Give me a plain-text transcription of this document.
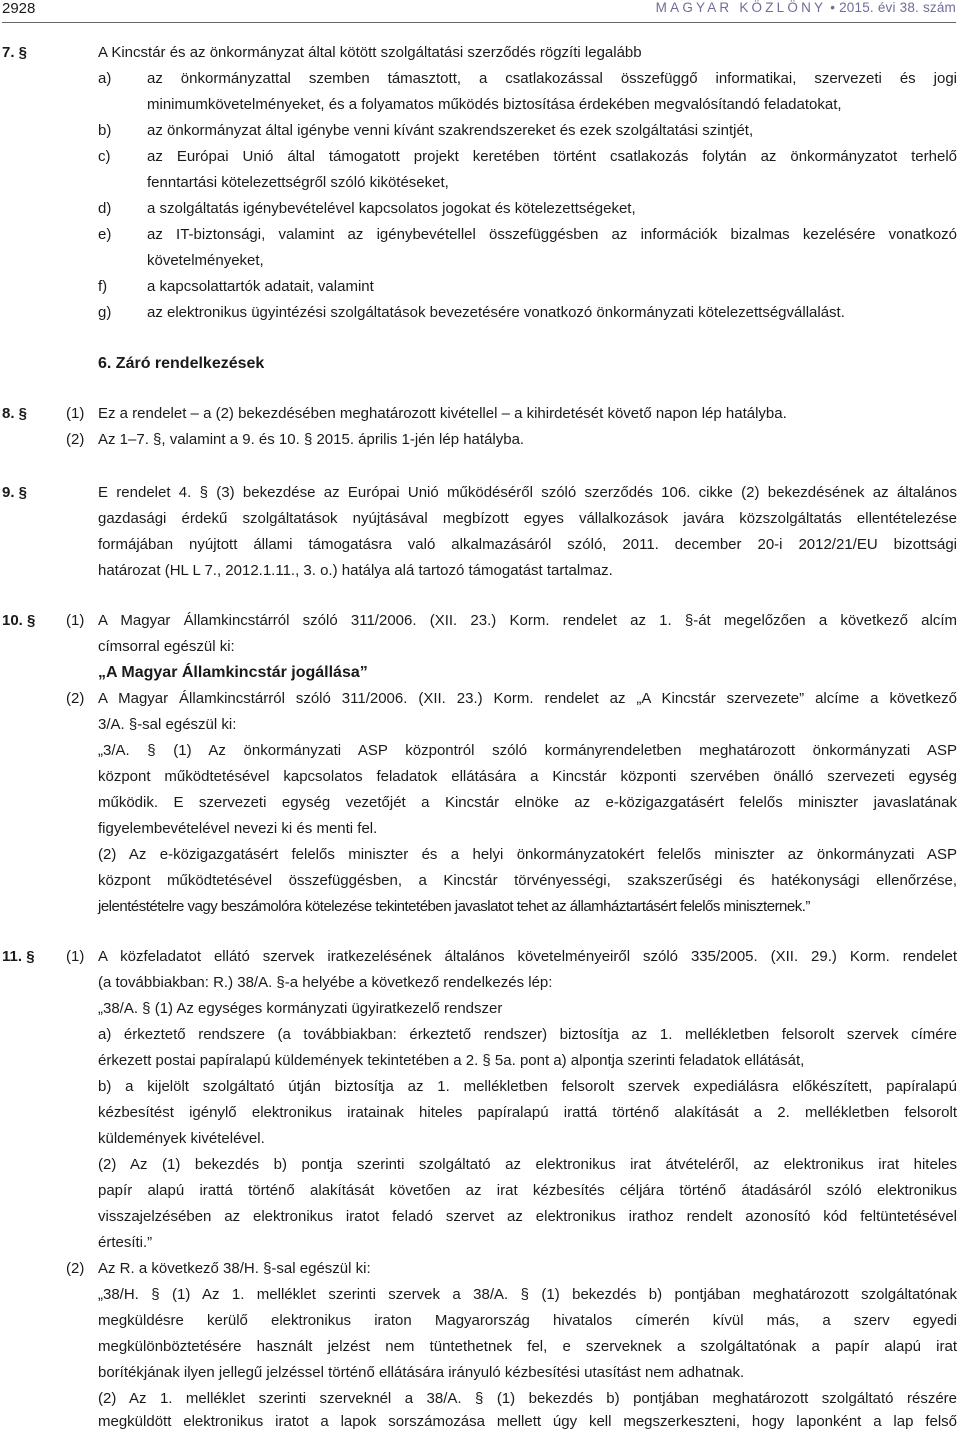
2928	MAGYAR KÖZLÖNY • 2015. évi 38. szám
7. §	A Kincstár és az önkormányzat által kötött szolgáltatási szerződés rögzíti legalább
a) az önkormányzattal szemben támasztott, a csatlakozással összefüggő informatikai, szervezeti és jogi
minimumkövetelményeket, és a folyamatos működés biztosítása érdekében megvalósítandó feladatokat,
b) az önkormányzat által igénybe venni kívánt szakrendszereket és ezek szolgáltatási szintjét,
c) az Európai Unió által támogatott projekt keretében történt csatlakozás folytán az önkormányzatot terhelő
fenntartási kötelezettségről szóló kikötéseket,
d) a szolgáltatás igénybevételével kapcsolatos jogokat és kötelezettségeket,
e) az IT-biztonsági, valamint az igénybevétellel összefüggésben az információk bizalmas kezelésére vonatkozó
követelményeket,
f)	a kapcsolattartók adatait, valamint
g) az elektronikus ügyintézési szolgáltatások bevezetésére vonatkozó önkormányzati kötelezettségvállalást.
6. Záró rendelkezések
8. §	(1) Ez a rendelet – a (2) bekezdésében meghatározott kivétellel – a kihirdetését követő napon lép hatályba.
(2) Az 1–7. §, valamint a 9. és 10. § 2015. április 1-jén lép hatályba.
9. §	E rendelet 4. § (3) bekezdése az Európai Unió működéséről szóló szerződés 106. cikke (2) bekezdésének az általános
gazdasági érdekű szolgáltatások nyújtásával megbízott egyes vállalkozások javára közszolgáltatás ellentételezése
formájában nyújtott állami támogatásra való alkalmazásáról szóló, 2011. december 20-i 2012/21/EU bizottsági
határozat (HL L 7., 2012.1.11., 3. o.) hatálya alá tartozó támogatást tartalmaz.
10. § (1) A Magyar Államkincstárról szóló 311/2006. (XII. 23.) Korm. rendelet az 1. §-át megelőzően a következő alcím
címsorral egészül ki:
„A Magyar Államkincstár jogállása”
(2) A Magyar Államkincstárról szóló 311/2006. (XII. 23.) Korm. rendelet az „A Kincstár szervezete” alcíme a következő
3/A. §-sal egészül ki:
„3/A. § (1) Az önkormányzati ASP központról szóló kormányrendeletben meghatározott önkormányzati ASP
központ működtetésével kapcsolatos feladatok ellátására a Kincstár központi szervében önálló szervezeti egység
működik. E szervezeti egység vezetőjét a Kincstár elnöke az e-közigazgatásért felelős miniszter javaslatának
figyelembevételével nevezi ki és menti fel.
(2) Az e-közigazgatásért felelős miniszter és a helyi önkormányzatokért felelős miniszter az önkormányzati ASP
központ működtetésével összefüggésben, a Kincstár törvényességi, szakszerűségi és hatékonysági ellenőrzése,
jelentéstételre vagy beszámolóra kötelezése tekintetében javaslatot tehet az államháztartásért felelős miniszternek.”
11. § (1) A közfeladatot ellátó szervek iratkezelésének általános követelményeiről szóló 335/2005. (XII. 29.) Korm. rendelet
(a továbbiakban: R.) 38/A. §-a helyébe a következő rendelkezés lép:
„38/A. § (1) Az egységes kormányzati ügyiratkezelő rendszer
a) érkeztető rendszere (a továbbiakban: érkeztető rendszer) biztosítja az 1. mellékletben felsorolt szervek címére
érkezett postai papíralapú küldemények tekintetében a 2. § 5a. pont a) alpontja szerinti feladatok ellátását,
b) a kijelölt szolgáltató útján biztosítja az 1. mellékletben felsorolt szervek expediálásra előkészített, papíralapú
kézbesítést igénylő elektronikus iratainak hiteles papíralapú irattá történő alakítását a 2. mellékletben felsorolt
küldemények kivételével.
(2) Az (1) bekezdés b) pontja szerinti szolgáltató az elektronikus irat átvételéről, az elektronikus irat hiteles
papír alapú irattá történő alakítását követően az irat kézbesítés céljára történő átadásáról szóló elektronikus
visszajelzésében az elektronikus iratot feladó szervet az elektronikus irathoz rendelt azonosító kód feltüntetésével
értesíti.”
(2) Az R. a következő 38/H. §-sal egészül ki:
„38/H. § (1) Az 1. melléklet szerinti szervek a 38/A. § (1) bekezdés b) pontjában meghatározott szolgáltatónak
megküldésre kerülő elektronikus iraton Magyarország hivatalos címerén kívül más, a szerv egyedi
megkülönböztetésére használt jelzést nem tüntethetnek fel, e szerveknek a szolgáltatónak a papír alapú irat
borítékjának ilyen jellegű jelzéssel történő ellátására irányuló kézbesítési utasítást nem adhatnak.
(2) Az 1. melléklet szerinti szerveknél a 38/A. § (1) bekezdés b) pontjában meghatározott szolgáltató részére
megküldött elektronikus iratot a lapok sorszámozása mellett úgy kell megszerkeszteni, hogy laponként a lap felső
